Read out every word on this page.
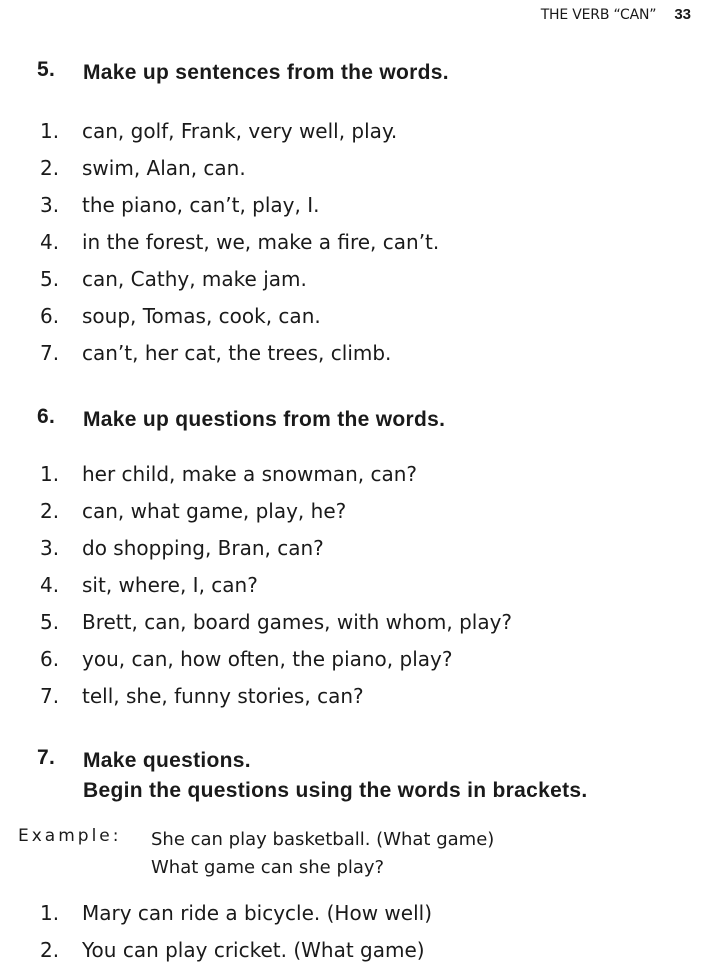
THE VERB “CAN” 33
5.	Make up sentences from the words.
1.	can, golf, Frank, very well, play.
2.	swim, Alan, can.
3.	the piano, can’t, play, I.
4.	in the forest, we, make a fire, can’t.
5.	can, Cathy, make jam.
6.	soup, Tomas, cook, can.
7.	can’t, her cat, the trees, climb.
6.	Make up questions from the words.
1.	her child, make a snowman, can?
2.	can, what game, play, he?
3.	do shopping, Bran, can?
4.	sit, where, I, can?
5.	Brett, can, board games, with whom, play?
6.	you, can, how often, the piano, play?
7.	tell, she, funny stories, can?
7.	Make questions.
Begin the questions using the words in brackets.
Example:	She can play basketball. (What game)
What game can she play?
1.	Mary can ride a bicycle. (How well)
2.	You can play cricket. (What game)
